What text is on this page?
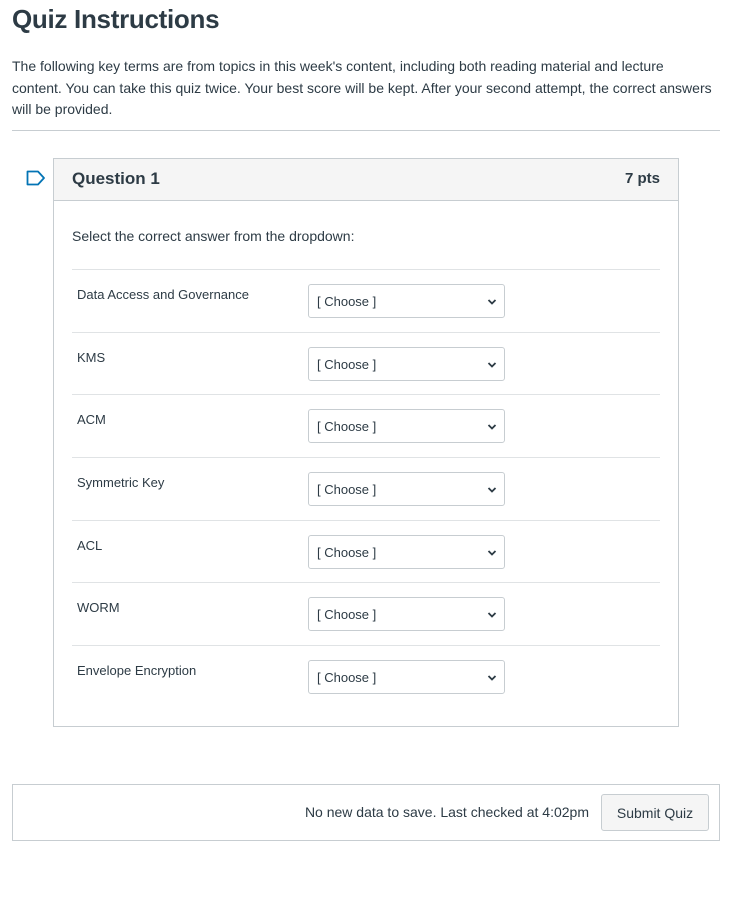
Quiz Instructions

The following key terms are from topics in this week's content, including both reading material and lecture content. You can take this quiz twice. Your best score will be kept. After your second attempt, the correct answers will be provided.

Question 1	7 pts
Select the correct answer from the dropdown:
Data Access and Governance	[ Choose ]
KMS	[ Choose ]
ACM	[ Choose ]
Symmetric Key	[ Choose ]
ACL	[ Choose ]
WORM	[ Choose ]
Envelope Encryption	[ Choose ]
No new data to save. Last checked at 4:02pm	Submit Quiz
